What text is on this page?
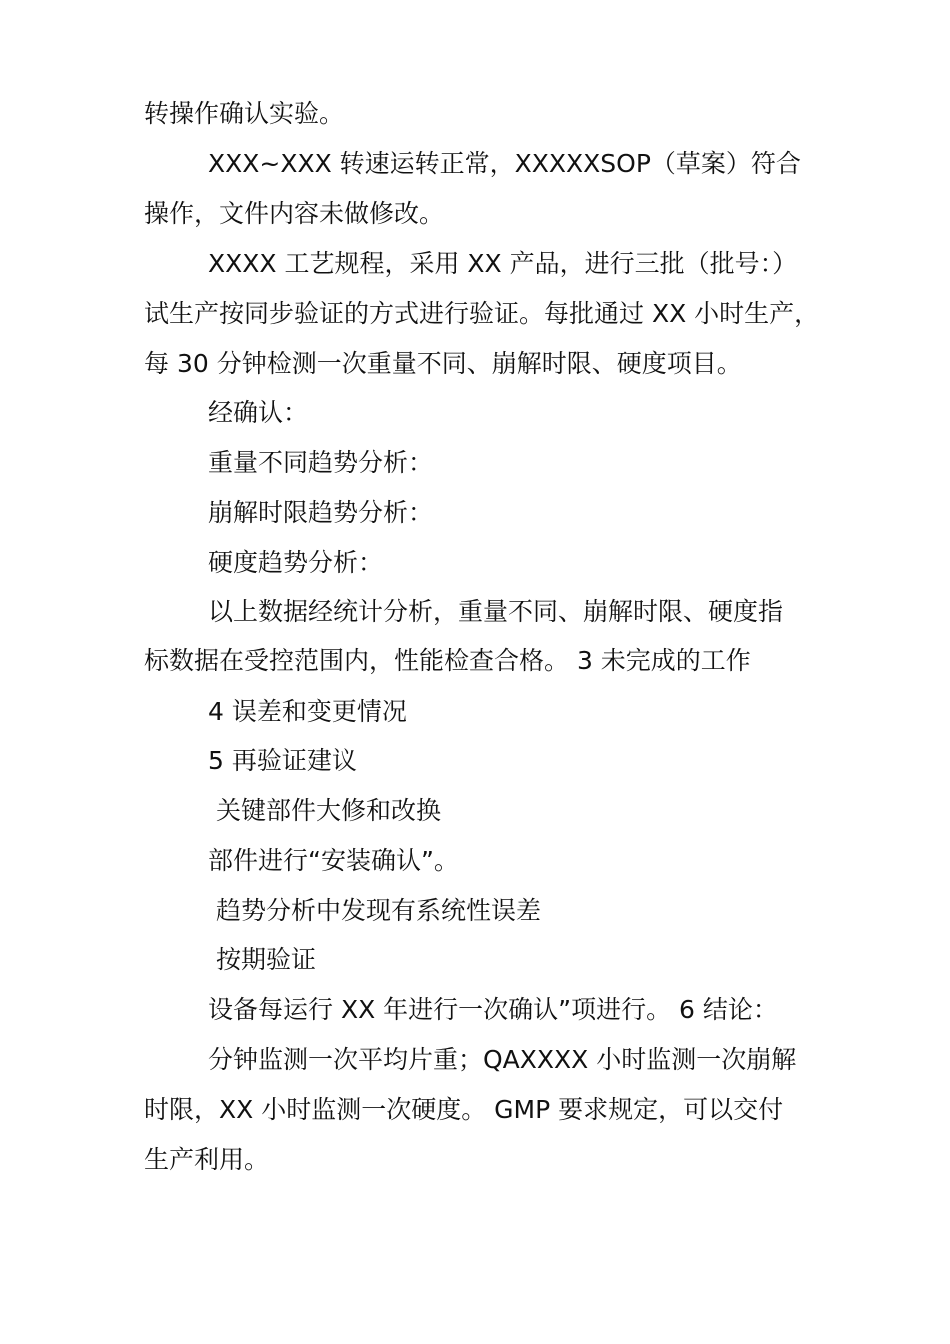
转操作确认实验。
XXX~XXX 转速运转正常，XXXXXSOP（草案）符合
操作，文件内容未做修改。
XXXX 工艺规程，采用 XX 产品，进行三批（批号：）
试生产按同步验证的方式进行验证。每批通过 XX 小时生产，
每 30 分钟检测一次重量不同、崩解时限、硬度项目。
经确认：
重量不同趋势分析：
崩解时限趋势分析：
硬度趋势分析：
以上数据经统计分析，重量不同、崩解时限、硬度指
标数据在受控范围内，性能检查合格。 3 未完成的工作
4 误差和变更情况
5 再验证建议
关键部件大修和改换
部件进行“安装确认”。
趋势分析中发现有系统性误差
按期验证
设备每运行 XX 年进行一次确认”项进行。 6 结论：
分钟监测一次平均片重；QAXXXX 小时监测一次崩解
时限，XX 小时监测一次硬度。 GMP 要求规定，可以交付
生产利用。
